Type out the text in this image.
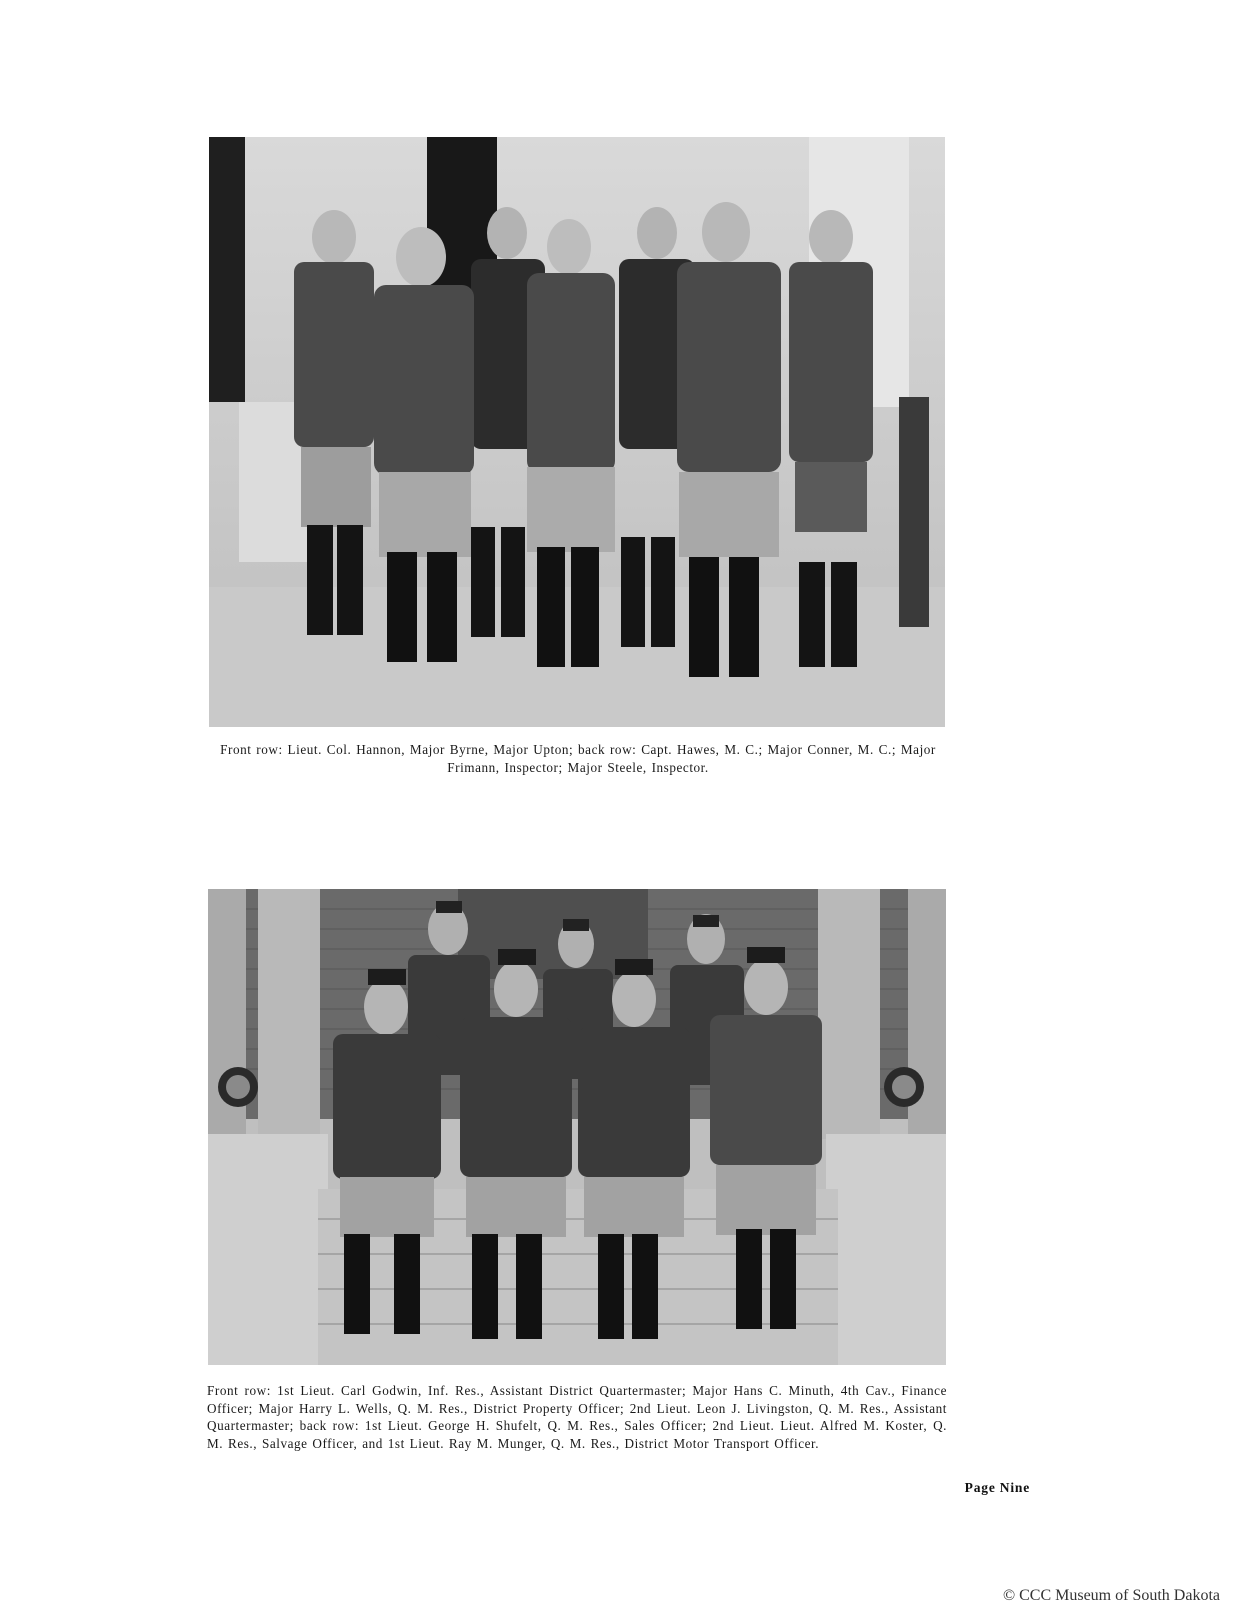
Front row: Lieut. Col. Hannon, Major Byrne, Major Upton; back row: Capt. Hawes, M. C.; Major Conner, M. C.; Major Frimann, Inspector; Major Steele, Inspector.
Front row: 1st Lieut. Carl Godwin, Inf. Res., Assistant District Quartermaster; Major Hans C. Minuth, 4th Cav., Finance Officer; Major Harry L. Wells, Q. M. Res., District Property Officer; 2nd Lieut. Leon J. Livingston, Q. M. Res., Assistant Quartermaster; back row: 1st Lieut. George H. Shufelt, Q. M. Res., Sales Officer; 2nd Lieut. Lieut. Alfred M. Koster, Q. M. Res., Salvage Officer, and 1st Lieut. Ray M. Munger, Q. M. Res., District Motor Transport Officer.
Page Nine
© CCC Museum of South Dakota
